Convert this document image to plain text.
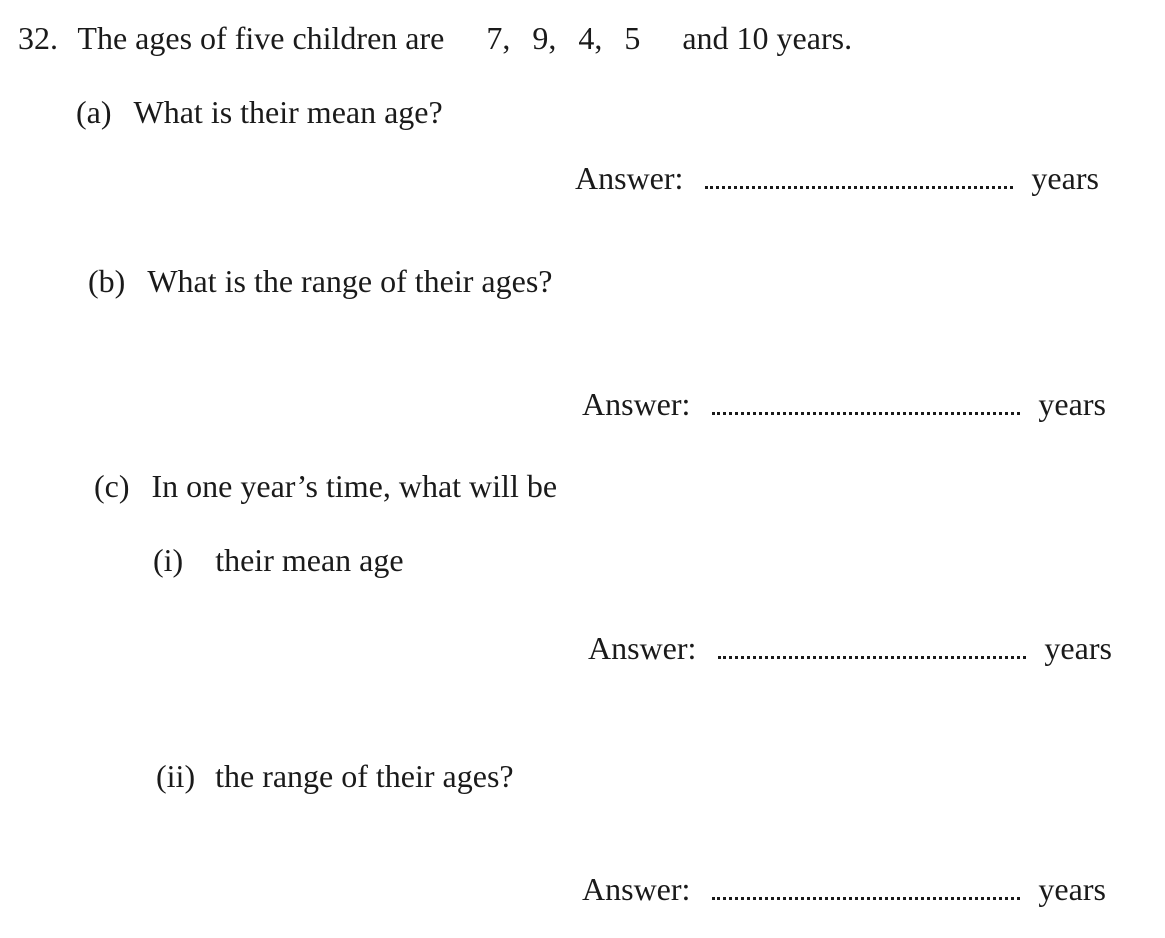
32. The ages of five children are 7, 9, 4, 5 and 10 years.
(a) What is their mean age?
Answer:	years
(b) What is the range of their ages?
Answer:	years
(c) In one year’s time, what will be
(i) their mean age
Answer:	years
(ii) the range of their ages?
Answer:	years
